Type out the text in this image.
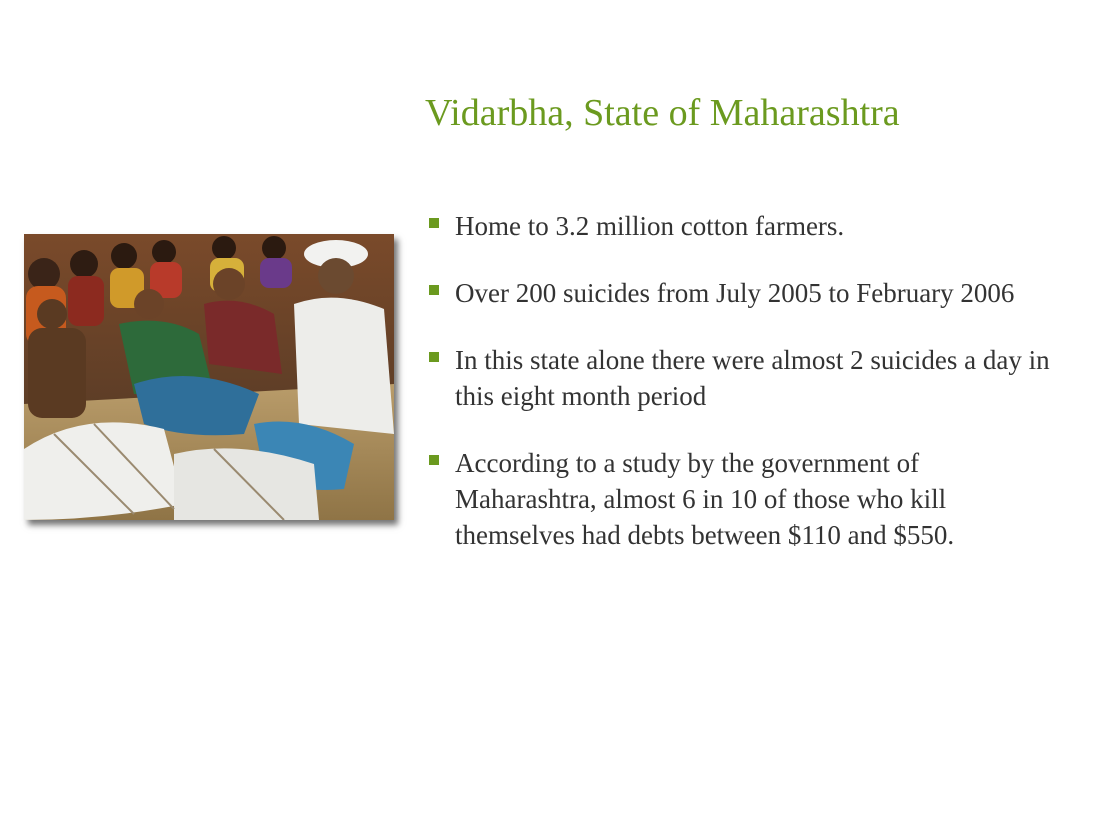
Vidarbha, State of Maharashtra
Home to 3.2 million cotton farmers.
Over 200 suicides from July 2005 to February 2006
In this state alone there were almost 2 suicides a day in this eight month period
According to a study by the government of Maharashtra, almost 6 in 10 of those who kill themselves had debts between $110 and $550.
